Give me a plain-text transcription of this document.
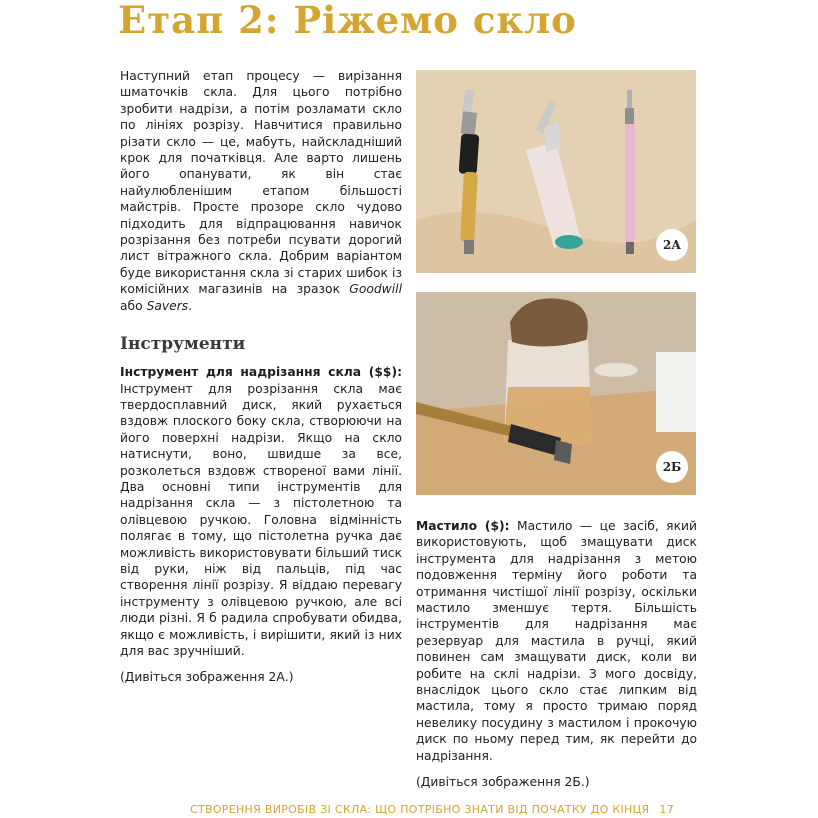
Етап 2: Ріжемо скло

Наступний етап процесу — вирізання шматочків скла. Для цього потрібно зробити надрізи, а потім розламати скло по лініях розрізу. Навчитися правильно різати скло — це, мабуть, найскладніший крок для початківця. Але варто лишень його опанувати, як він стає найулюбленішим етапом більшості майстрів. Просте прозоре скло чудово підходить для відпрацювання навичок розрізання без потреби псувати дорогий лист вітражного скла. Добрим варіантом буде використання скла зі старих шибок із комісійних магазинів на зразок Goodwill або Savers.

Інструменти

Інструмент для надрізання скла ($$): Інструмент для розрізання скла має твердосплавний диск, який рухається вздовж плоского боку скла, створюючи на його поверхні надрізи. Якщо на скло натиснути, воно, швидше за все, розколеться вздовж створеної вами лінії. Два основні типи інструментів для надрізання скла — з пістолетною та олівцевою ручкою. Головна відмінність полягає в тому, що пістолетна ручка дає можливість використовувати більший тиск від руки, ніж від пальців, під час створення лінії розрізу. Я віддаю перевагу інструменту з олівцевою ручкою, але всі люди різні. Я б радила спробувати обидва, якщо є можливість, і вирішити, який із них для вас зручніший.

(Дивіться зображення 2А.)

2А
2Б

Мастило ($): Мастило — це засіб, який використовують, щоб змащувати диск інструмента для надрізання з метою подовження терміну його роботи та отримання чистішої лінії розрізу, оскільки мастило зменшує тертя. Більшість інструментів для надрізання має резервуар для мастила в ручці, який повинен сам змащувати диск, коли ви робите на склі надрізи. З мого досвіду, внаслідок цього скло стає липким від мастила, тому я просто тримаю поряд невелику посудину з мастилом і прокочую диск по ньому перед тим, як перейти до надрізання.

(Дивіться зображення 2Б.)

СТВОРЕННЯ ВИРОБІВ ЗІ СКЛА: ЩО ПОТРІБНО ЗНАТИ ВІД ПОЧАТКУ ДО КІНЦЯ 17
